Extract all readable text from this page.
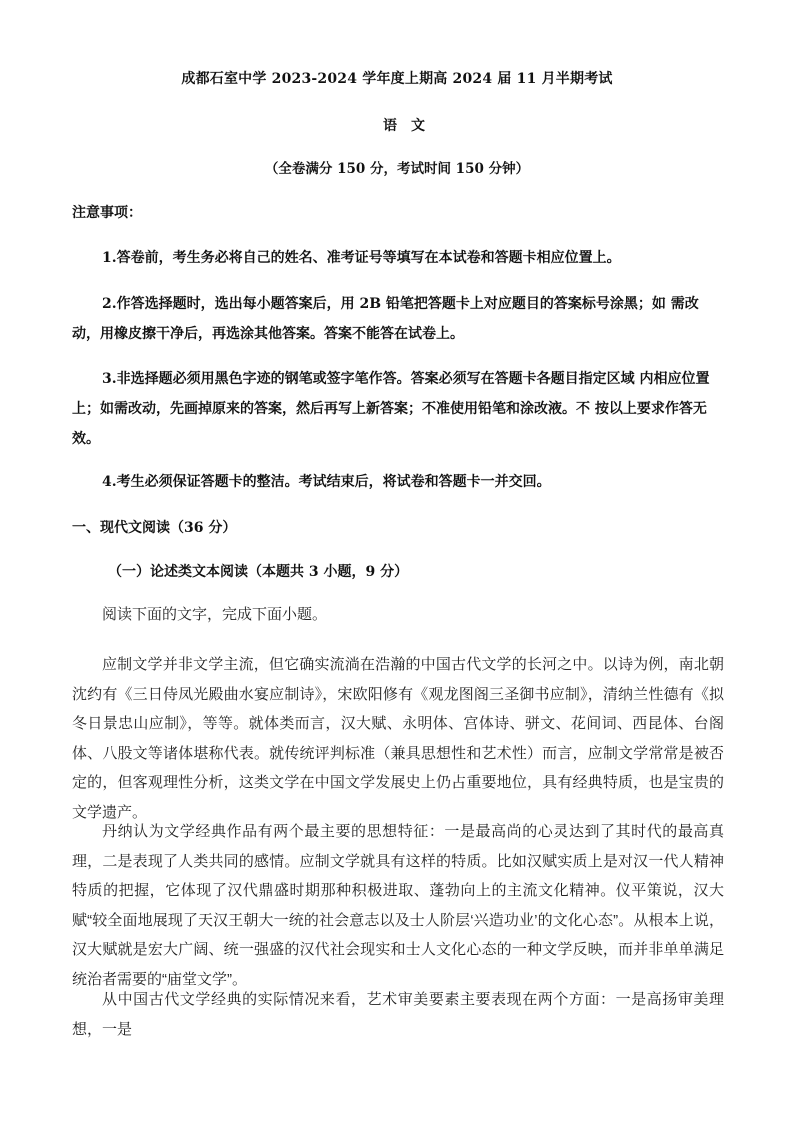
成都石室中学 2023-2024 学年度上期高 2024 届 11 月半期考试
语文
（全卷满分 150 分，考试时间 150 分钟）
注意事项：
1.答卷前，考生务必将自己的姓名、准考证号等填写在本试卷和答题卡相应位置上。
2.作答选择题时，选出每小题答案后，用 2B 铅笔把答题卡上对应题目的答案标号涂黑；如 需改动，用橡皮擦干净后，再选涂其他答案。答案不能答在试卷上。
3.非选择题必须用黑色字迹的钢笔或签字笔作答。答案必须写在答题卡各题目指定区域 内相应位置上；如需改动，先画掉原来的答案，然后再写上新答案；不准使用铅笔和涂改液。不 按以上要求作答无效。
4.考生必须保证答题卡的整洁。考试结束后，将试卷和答题卡一并交回。
一、现代文阅读（36 分）
（一）论述类文本阅读（本题共 3 小题，9 分）
阅读下面的文字，完成下面小题。
应制文学并非文学主流，但它确实流淌在浩瀚的中国古代文学的长河之中。以诗为例，南北朝沈约有《三日侍凤光殿曲水宴应制诗》，宋欧阳修有《观龙图阁三圣御书应制》，清纳兰性德有《拟冬日景忠山应制》，等等。就体类而言，汉大赋、永明体、宫体诗、骈文、花间词、西昆体、台阁体、八股文等诸体堪称代表。就传统评判标准（兼具思想性和艺术性）而言，应制文学常常是被否定的，但客观理性分析，这类文学在中国文学发展史上仍占重要地位，具有经典特质，也是宝贵的文学遗产。
丹纳认为文学经典作品有两个最主要的思想特征：一是最高尚的心灵达到了其时代的最高真理，二是表现了人类共同的感情。应制文学就具有这样的特质。比如汉赋实质上是对汉一代人精神特质的把握，它体现了汉代鼎盛时期那种积极进取、蓬勃向上的主流文化精神。仪平策说，汉大赋“较全面地展现了天汉王朝大一统的社会意志以及士人阶层‘兴造功业’的文化心态”。从根本上说，汉大赋就是宏大广阔、统一强盛的汉代社会现实和士人文化心态的一种文学反映，而并非单单满足统治者需要的“庙堂文学”。
从中国古代文学经典的实际情况来看，艺术审美要素主要表现在两个方面：一是高扬审美理想，一是
